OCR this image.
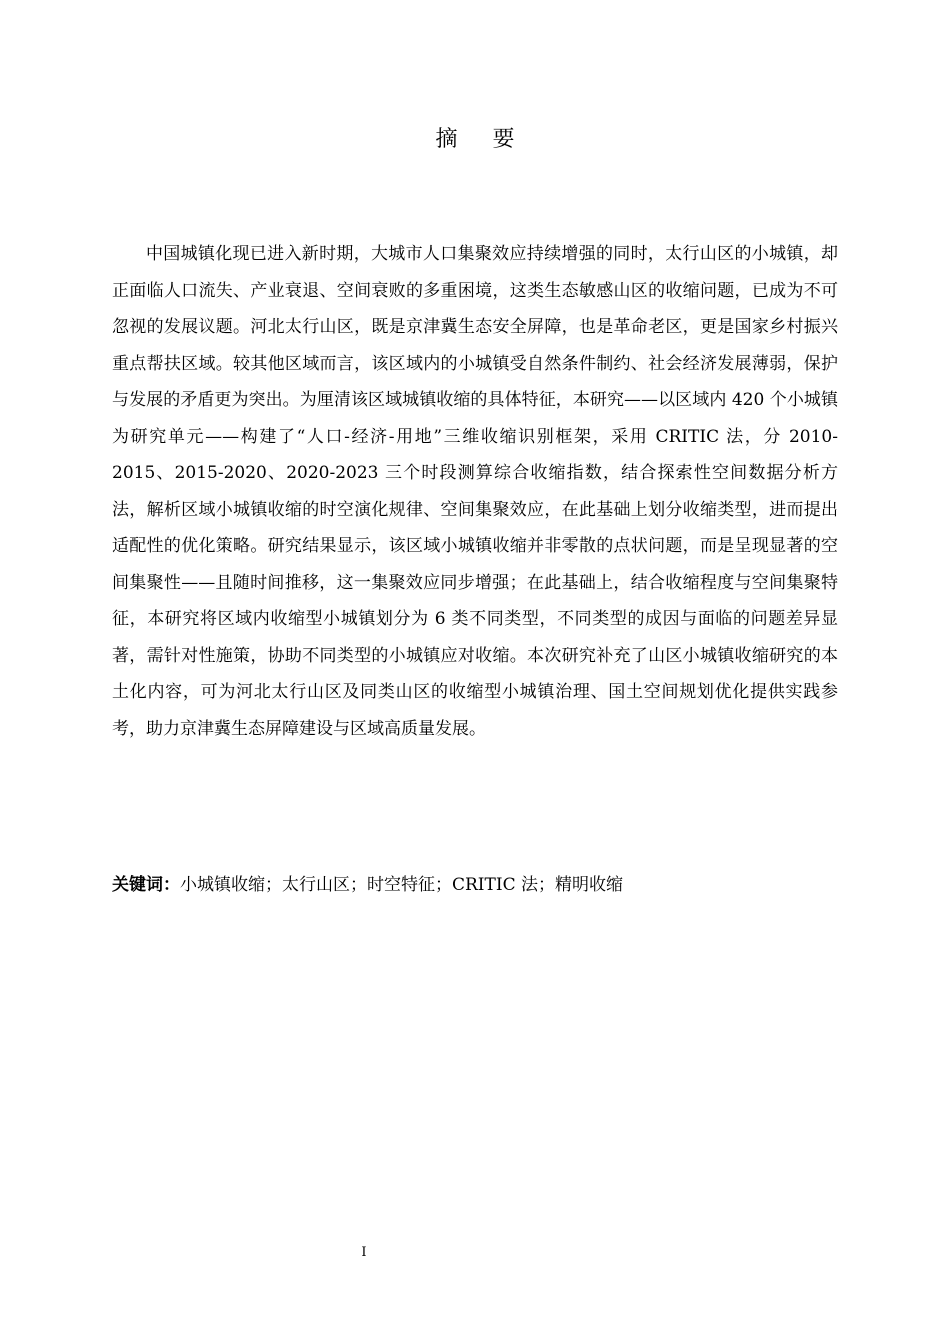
摘 要

中国城镇化现已进入新时期，大城市人口集聚效应持续增强的同时，太行山区的小城镇，却正面临人口流失、产业衰退、空间衰败的多重困境，这类生态敏感山区的收缩问题，已成为不可忽视的发展议题。河北太行山区，既是京津冀生态安全屏障，也是革命老区，更是国家乡村振兴重点帮扶区域。较其他区域而言，该区域内的小城镇受自然条件制约、社会经济发展薄弱，保护与发展的矛盾更为突出。为厘清该区域城镇收缩的具体特征，本研究——以区域内 420 个小城镇为研究单元——构建了“人口-经济-用地”三维收缩识别框架，采用 CRITIC 法，分 2010-2015、2015-2020、2020-2023 三个时段测算综合收缩指数，结合探索性空间数据分析方法，解析区域小城镇收缩的时空演化规律、空间集聚效应，在此基础上划分收缩类型，进而提出适配性的优化策略。研究结果显示，该区域小城镇收缩并非零散的点状问题，而是呈现显著的空间集聚性——且随时间推移，这一集聚效应同步增强；在此基础上，结合收缩程度与空间集聚特征，本研究将区域内收缩型小城镇划分为 6 类不同类型，不同类型的成因与面临的问题差异显著，需针对性施策，协助不同类型的小城镇应对收缩。本次研究补充了山区小城镇收缩研究的本土化内容，可为河北太行山区及同类山区的收缩型小城镇治理、国土空间规划优化提供实践参考，助力京津冀生态屏障建设与区域高质量发展。

关键词：小城镇收缩；太行山区；时空特征；CRITIC 法；精明收缩

I
